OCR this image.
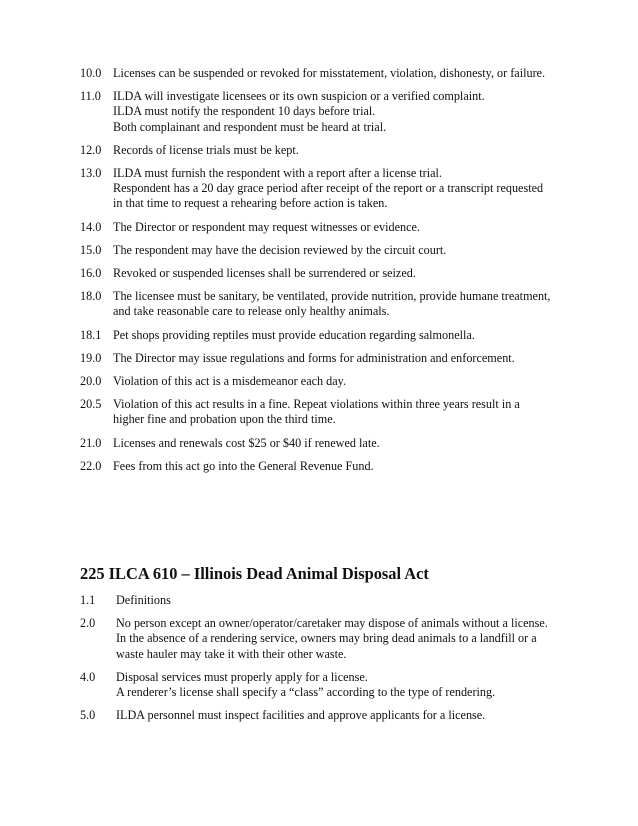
10.0 Licenses can be suspended or revoked for misstatement, violation, dishonesty, or failure.
11.0 ILDA will investigate licensees or its own suspicion or a verified complaint.
ILDA must notify the respondent 10 days before trial.
Both complainant and respondent must be heard at trial.
12.0 Records of license trials must be kept.
13.0 ILDA must furnish the respondent with a report after a license trial.
Respondent has a 20 day grace period after receipt of the report or a transcript requested
in that time to request a rehearing before action is taken.
14.0 The Director or respondent may request witnesses or evidence.
15.0 The respondent may have the decision reviewed by the circuit court.
16.0 Revoked or suspended licenses shall be surrendered or seized.
18.0 The licensee must be sanitary, be ventilated, provide nutrition, provide humane treatment,
and take reasonable care to release only healthy animals.
18.1 Pet shops providing reptiles must provide education regarding salmonella.
19.0 The Director may issue regulations and forms for administration and enforcement.
20.0 Violation of this act is a misdemeanor each day.
20.5 Violation of this act results in a fine. Repeat violations within three years result in a
higher fine and probation upon the third time.
21.0 Licenses and renewals cost $25 or $40 if renewed late.
22.0 Fees from this act go into the General Revenue Fund.
225 ILCA 610 – Illinois Dead Animal Disposal Act
1.1	Definitions
2.0	No person except an owner/operator/caretaker may dispose of animals without a license.
In the absence of a rendering service, owners may bring dead animals to a landfill or a
waste hauler may take it with their other waste.
4.0	Disposal services must properly apply for a license.
A renderer’s license shall specify a “class” according to the type of rendering.
5.0	ILDA personnel must inspect facilities and approve applicants for a license.
